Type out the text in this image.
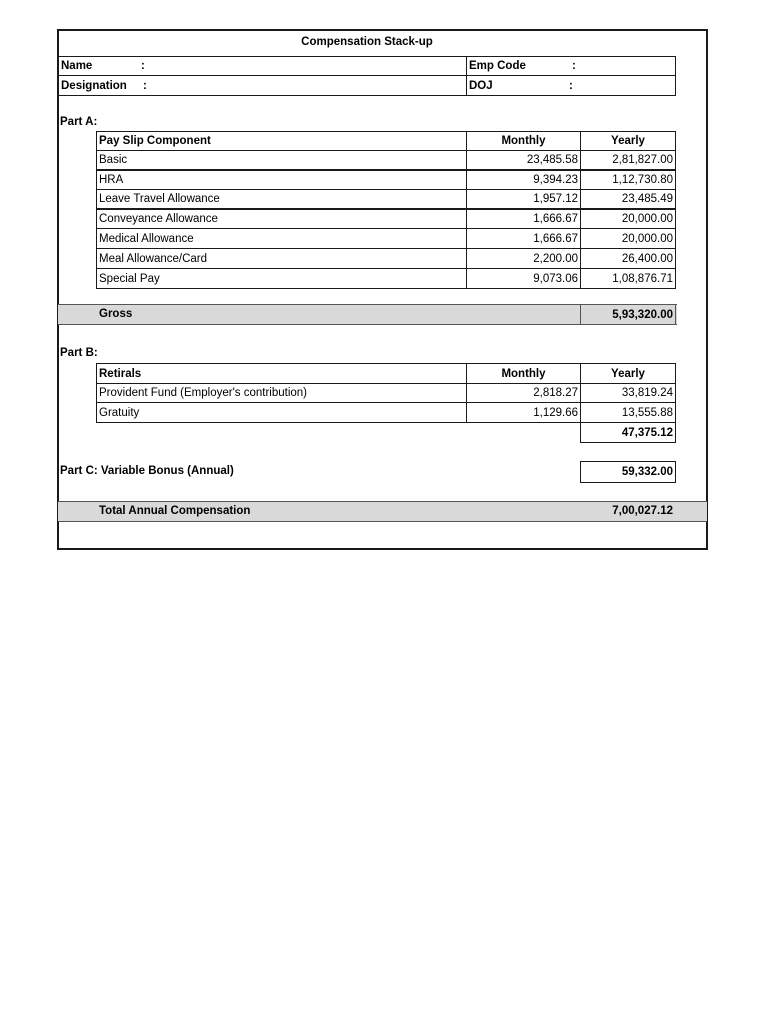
Compensation Stack-up
Name	:	Emp Code	:
Designation :	DOJ	:
Part A:
Pay Slip Component	Monthly	Yearly
Basic	23,485.58	2,81,827.00
HRA	9,394.23	1,12,730.80
Leave Travel Allowance	1,957.12	23,485.49
Conveyance Allowance	1,666.67	20,000.00
Medical Allowance	1,666.67	20,000.00
Meal Allowance/Card	2,200.00	26,400.00
Special Pay	9,073.06	1,08,876.71
Gross	5,93,320.00
Part B:
Retirals	Monthly	Yearly
Provident Fund (Employer's contribution)	2,818.27	33,819.24
Gratuity	1,129.66	13,555.88
47,375.12
Part C: Variable Bonus (Annual)	59,332.00
Total Annual Compensation	7,00,027.12
